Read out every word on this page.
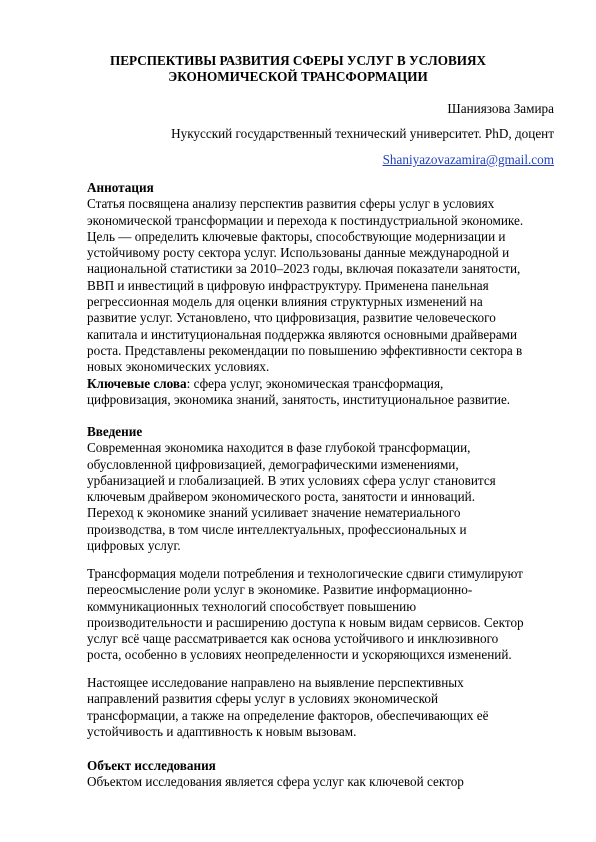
ПЕРСПЕКТИВЫ РАЗВИТИЯ СФЕРЫ УСЛУГ В УСЛОВИЯХ
ЭКОНОМИЧЕСКОЙ ТРАНСФОРМАЦИИ
Шаниязова Замира
Нукусский государственный технический университет. PhD, доцент
Shaniyazovazamira@gmail.com
Аннотация
Статья посвящена анализу перспектив развития сферы услуг в условиях
экономической трансформации и перехода к постиндустриальной экономике.
Цель — определить ключевые факторы, способствующие модернизации и
устойчивому росту сектора услуг. Использованы данные международной и
национальной статистики за 2010–2023 годы, включая показатели занятости,
ВВП и инвестиций в цифровую инфраструктуру. Применена панельная
регрессионная модель для оценки влияния структурных изменений на
развитие услуг. Установлено, что цифровизация, развитие человеческого
капитала и институциональная поддержка являются основными драйверами
роста. Представлены рекомендации по повышению эффективности сектора в
новых экономических условиях.
Ключевые слова: сфера услуг, экономическая трансформация,
цифровизация, экономика знаний, занятость, институциональное развитие.
Введение
Современная экономика находится в фазе глубокой трансформации,
обусловленной цифровизацией, демографическими изменениями,
урбанизацией и глобализацией. В этих условиях сфера услуг становится
ключевым драйвером экономического роста, занятости и инноваций.
Переход к экономике знаний усиливает значение нематериального
производства, в том числе интеллектуальных, профессиональных и
цифровых услуг.
Трансформация модели потребления и технологические сдвиги стимулируют
переосмысление роли услуг в экономике. Развитие информационно-
коммуникационных технологий способствует повышению
производительности и расширению доступа к новым видам сервисов. Сектор
услуг всё чаще рассматривается как основа устойчивого и инклюзивного
роста, особенно в условиях неопределенности и ускоряющихся изменений.
Настоящее исследование направлено на выявление перспективных
направлений развития сферы услуг в условиях экономической
трансформации, а также на определение факторов, обеспечивающих её
устойчивость и адаптивность к новым вызовам.
Объект исследования
Объектом исследования является сфера услуг как ключевой сектор
